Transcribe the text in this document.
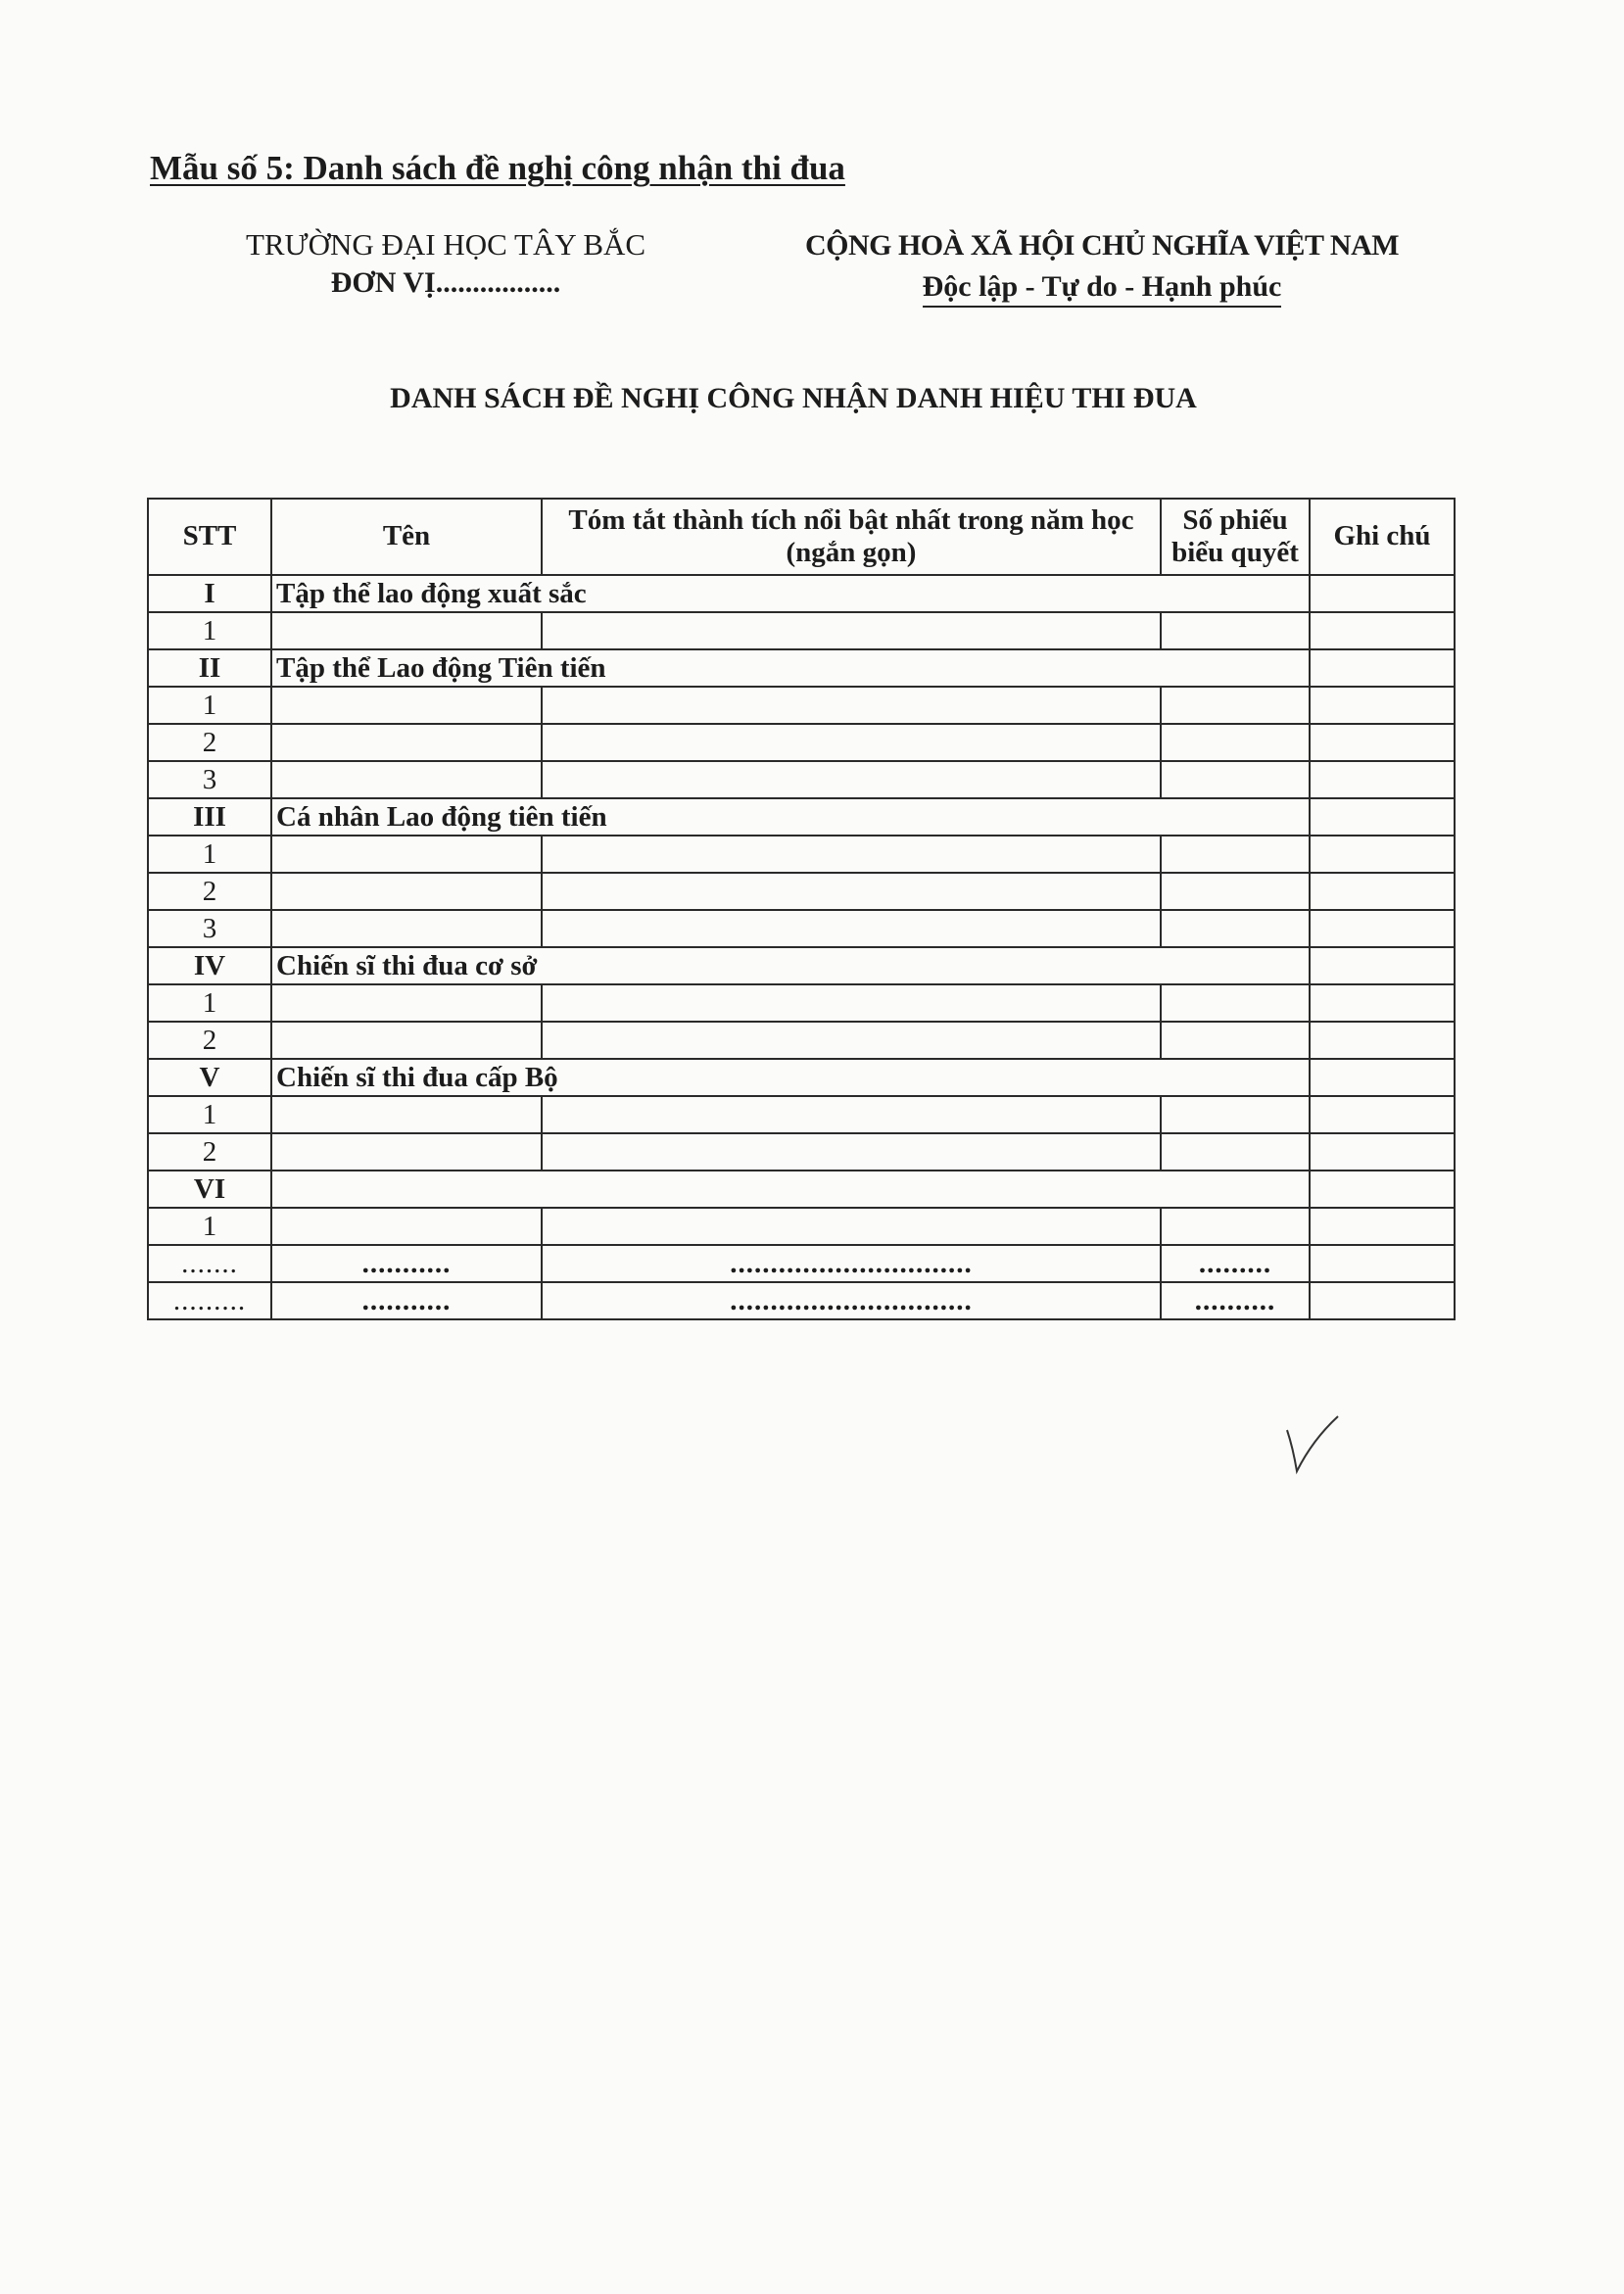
Mẫu số 5: Danh sách đề nghị công nhận thi đua
TRƯỜNG ĐẠI HỌC TÂY BẮC
ĐƠN VỊ.................
CỘNG HOÀ XÃ HỘI CHỦ NGHĨA VIỆT NAM
Độc lập - Tự do - Hạnh phúc
DANH SÁCH ĐỀ NGHỊ CÔNG NHẬN DANH HIỆU THI ĐUA
STT	Tên	Tóm tắt thành tích nổi bật nhất trong năm học (ngắn gọn)	Số phiếu biểu quyết	Ghi chú
I	Tập thể lao động xuất sắc			
1				
II	Tập thể Lao động Tiên tiến			
1				
2				
3				
III	Cá nhân Lao động tiên tiến			
1				
2				
3				
IV	Chiến sĩ thi đua cơ sở			
1				
2				
V	Chiến sĩ thi đua cấp Bộ			
1				
2				
VI				
1				
.......	...........	..............................	.........	
.........	...........	..............................	..........	
